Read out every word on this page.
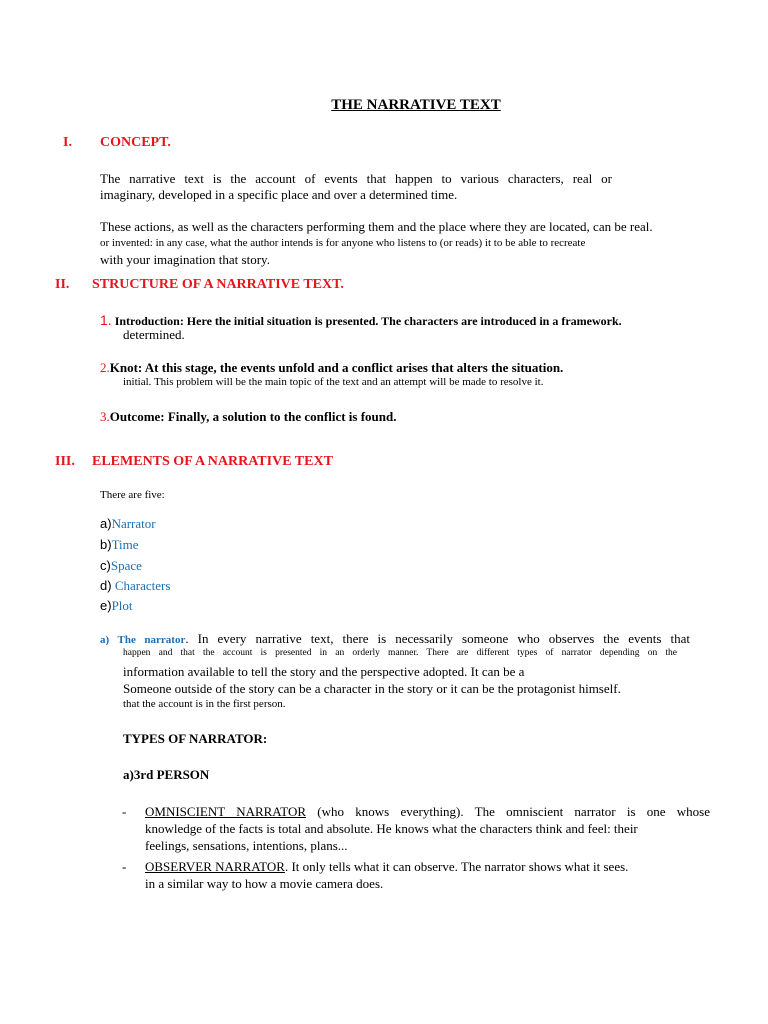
THE NARRATIVE TEXT
I. CONCEPT.
The narrative text is the account of events that happen to various characters, real or
imaginary, developed in a specific place and over a determined time.
These actions, as well as the characters performing them and the place where they are located, can be real.
or invented: in any case, what the author intends is for anyone who listens to (or reads) it to be able to recreate
with your imagination that story.
II. STRUCTURE OF A NARRATIVE TEXT.
1. Introduction: Here the initial situation is presented. The characters are introduced in a framework.
determined.
2.Knot: At this stage, the events unfold and a conflict arises that alters the situation.
initial. This problem will be the main topic of the text and an attempt will be made to resolve it.
3.Outcome: Finally, a solution to the conflict is found.
III. ELEMENTS OF A NARRATIVE TEXT
There are five:
a)Narrator
b)Time
c)Space
d) Characters
e)Plot
a) The narrator. In every narrative text, there is necessarily someone who observes the events that
happen and that the account is presented in an orderly manner. There are different types of narrator depending on the
information available to tell the story and the perspective adopted. It can be a
Someone outside of the story can be a character in the story or it can be the protagonist himself.
that the account is in the first person.
TYPES OF NARRATOR:
a)3rd PERSON
- OMNISCIENT NARRATOR (who knows everything). The omniscient narrator is one whose
knowledge of the facts is total and absolute. He knows what the characters think and feel: their
feelings, sensations, intentions, plans...
- OBSERVER NARRATOR. It only tells what it can observe. The narrator shows what it sees.
in a similar way to how a movie camera does.
